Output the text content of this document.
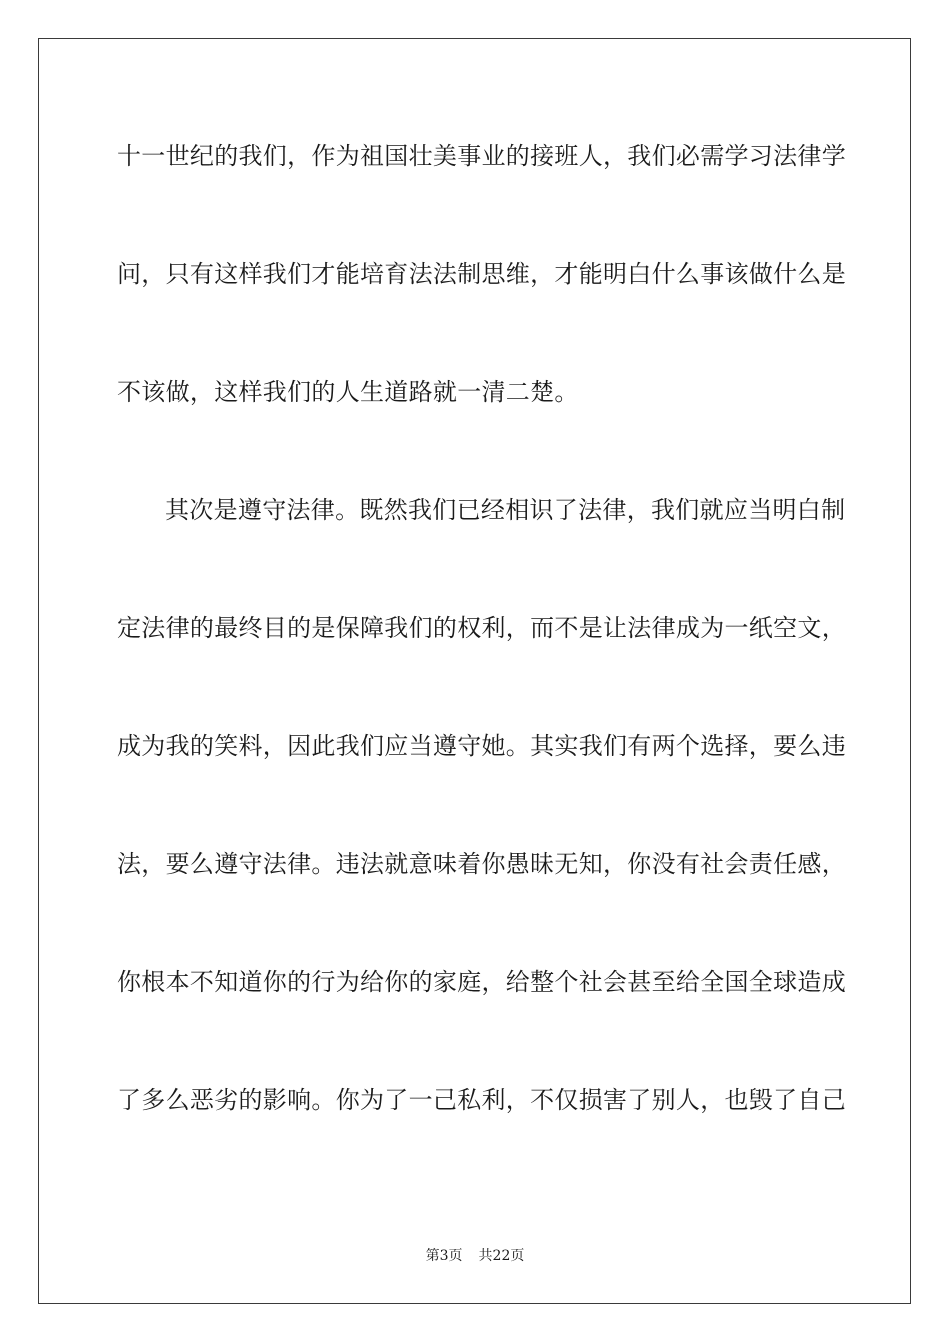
十一世纪的我们，作为祖国壮美事业的接班人，我们必需学习法律学
问，只有这样我们才能培育法法制思维，才能明白什么事该做什么是
不该做，这样我们的人生道路就一清二楚。
其次是遵守法律。既然我们已经相识了法律，我们就应当明白制
定法律的最终目的是保障我们的权利，而不是让法律成为一纸空文，
成为我的笑料，因此我们应当遵守她。其实我们有两个选择，要么违
法，要么遵守法律。违法就意味着你愚昧无知，你没有社会责任感，
你根本不知道你的行为给你的家庭，给整个社会甚至给全国全球造成
了多么恶劣的影响。你为了一己私利，不仅损害了别人，也毁了自己
第3页 共22页
